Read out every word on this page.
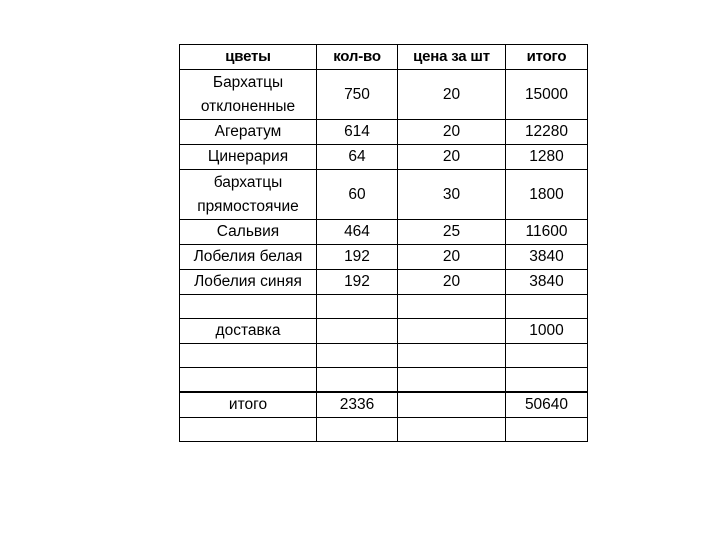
цветы	кол-во	цена за шт	итого
Бархатцы отклоненные	750	20	15000
Агератум	614	20	12280
Цинерария	64	20	1280
бархатцы прямостоячие	60	30	1800
Сальвия	464	25	11600
Лобелия белая	192	20	3840
Лобелия синяя	192	20	3840

доставка			1000

итого	2336		50640
